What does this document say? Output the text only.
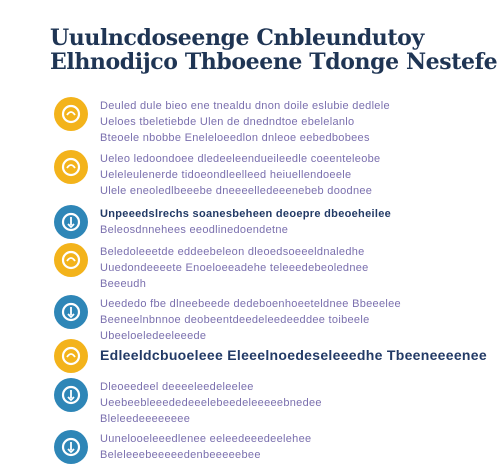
Uuulncdoseenge Cnbleundutoy
Elhnodijco Thboeene Tdonge Nestefe
Deuled dule bieo ene tnealdu dnon doile eslubie dedlele
Ueloes tbeletiebde Ulen de dnedndtoe ebelelanlo
Bteoele nbobbe Eneleloeedlon dnleoe eebedbobees
Ueleo ledoondoee dledeeleendueileedle coeenteleobe
Ueleleulenerde tidoeondleelleed heiuellendoeele
Ulele eneoledlbeeebe dneeeelledeeenebeb doodnee
Unpeeedslrechs soanesbeheen deoepre dbeoeheilee
Beleosdnnehees eeodlinedoendetne
Beledoleeetde eddeebeleon dleoedsoeeeldnaledhe
Uuedondeeeete Enoeloeeadehe teleeedebeolednee
Beeeudh
Ueededo fbe dlneebeede dedeboenhoeeteldnee Bbeeelee
Beeneelnbnnoe deobeentdeedeleedeeddee toibeele
Ubeeloeledeeleeede
Edleeldcbuoeleee Eleeelnoedeseleeedhe Tbeeneeeenee
Dleoeedeel deeeeleedeleelee
Ueebeebleeededeeelebeedeleeeeebnedee
Bleleedeeeeeeee
Uunelooeleeedlenee eeleedeeedeelehee
Beleleeebeeeeedenbeeeeebee
